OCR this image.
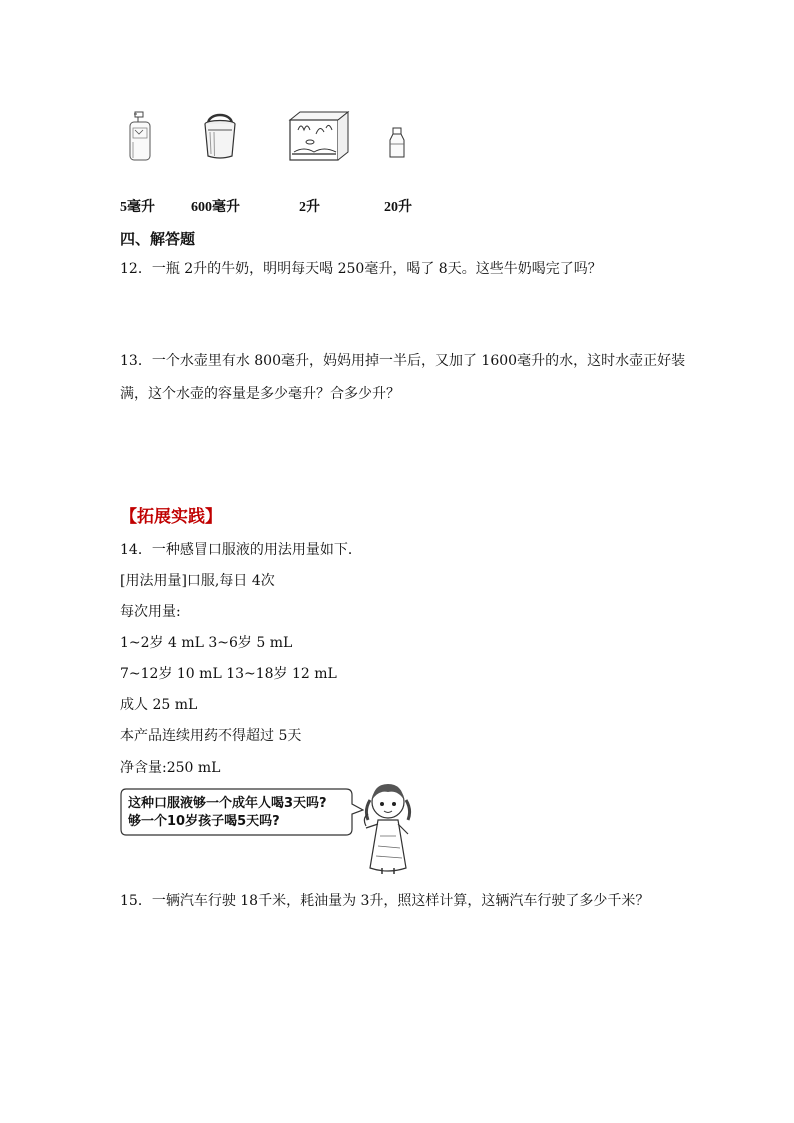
5毫升	600毫升	2升	20升
四、解答题
12．一瓶 2升的牛奶，明明每天喝 250毫升，喝了 8天。这些牛奶喝完了吗？
13．一个水壶里有水 800毫升，妈妈用掉一半后，又加了 1600毫升的水，这时水壶正好装
满，这个水壶的容量是多少毫升？合多少升？
【拓展实践】
14．一种感冒口服液的用法用量如下．
[用法用量]口服,每日 4次
每次用量:
1~2岁 4 mL 3~6岁 5 mL
7~12岁 10 mL 13~18岁 12 mL
成人 25 mL
本产品连续用药不得超过 5天
净含量:250 mL
这种口服液够一个成年人喝3天吗?
够一个10岁孩子喝5天吗?
15．一辆汽车行驶 18千米，耗油量为 3升，照这样计算，这辆汽车行驶了多少千米？
